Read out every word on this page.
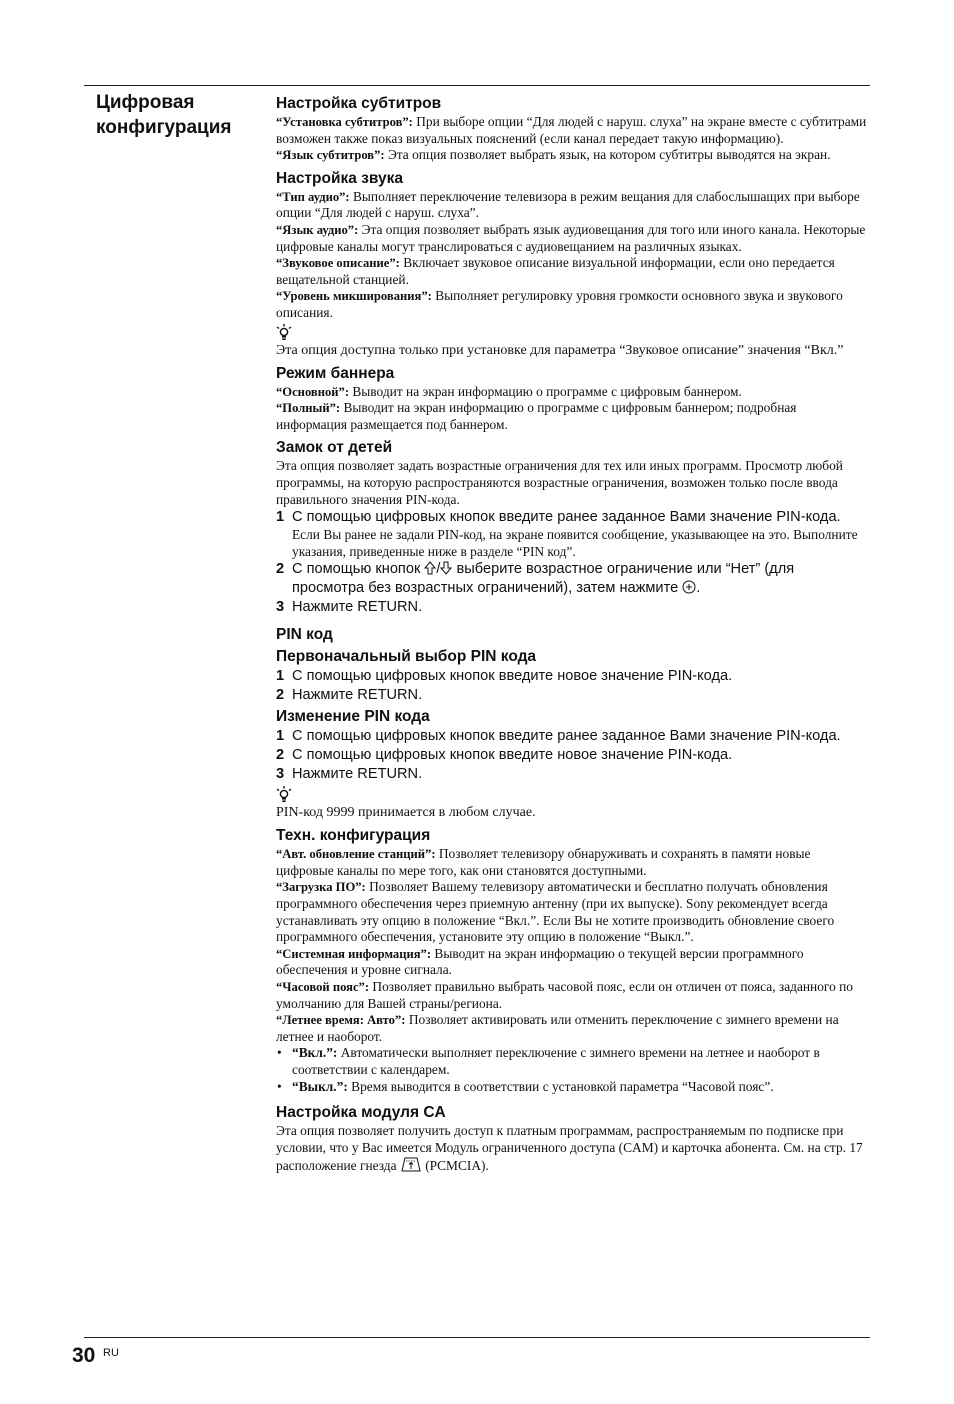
Цифровая
конфигурация
Настройка субтитров

“Установка субтитров”: При выборе опции “Для людей с наруш. слуха” на экране вместе с субтитрами возможен также показ визуальных пояснений (если канал передает такую информацию).

“Язык субтитров”: Эта опция позволяет выбрать язык, на котором субтитры выводятся на экран.

Настройка звука

“Тип аудио”: Выполняет переключение телевизора в режим вещания для слабослышащих при выборе опции “Для людей с наруш. слуха”.

“Язык аудио”: Эта опция позволяет выбрать язык аудиовещания для того или иного канала. Некоторые цифровые каналы могут транслироваться с аудиовещанием на различных языках.

“Звуковое описание”: Включает звуковое описание визуальной информации, если оно передается вещательной станцией.

“Уровень микширования”: Выполняет регулировку уровня громкости основного звука и звукового описания.

Эта опция доступна только при установке для параметра “Звуковое описание” значения “Вкл.”

Режим баннера

“Основной”: Выводит на экран информацию о программе с цифровым баннером.

“Полный”: Выводит на экран информацию о программе с цифровым баннером; подробная информация размещается под баннером.

Замок от детей

Эта опция позволяет задать возрастные ограничения для тех или иных программ. Просмотр любой программы, на которую распространяются возрастные ограничения, возможен только после ввода правильного значения PIN-кода.

1 С помощью цифровых кнопок введите ранее заданное Вами значение PIN-кода.
Если Вы ранее не задали PIN-код, на экране появится сообщение, указывающее на это. Выполните указания, приведенные ниже в разделе “PIN код”.
2 С помощью кнопок / выберите возрастное ограничение или “Нет” (для просмотра без возрастных ограничений), затем нажмите .
3 Нажмите RETURN.
PIN код
Первоначальный выбор PIN кода
1 С помощью цифровых кнопок введите новое значение PIN-кода.
2 Нажмите RETURN.
Изменение PIN кода
1 С помощью цифровых кнопок введите ранее заданное Вами значение PIN-кода.
2 С помощью цифровых кнопок введите новое значение PIN-кода.
3 Нажмите RETURN.

PIN-код 9999 принимается в любом случае.

Техн. конфигурация

“Авт. обновление станций”: Позволяет телевизору обнаруживать и сохранять в памяти новые цифровые каналы по мере того, как они становятся доступными.

“Загрузка ПО”: Позволяет Вашему телевизору автоматически и бесплатно получать обновления программного обеспечения через приемную антенну (при их выпуске). Sony рекомендует всегда устанавливать эту опцию в положение “Вкл.”. Если Вы не хотите производить обновление своего программного обеспечения, установите эту опцию в положение “Выкл.”.

“Системная информация”: Выводит на экран информацию о текущей версии программного обеспечения и уровне сигнала.

“Часовой пояс”: Позволяет правильно выбрать часовой пояс, если он отличен от пояса, заданного по умолчанию для Вашей страны/региона.

“Летнее время: Авто”: Позволяет активировать или отменить переключение с зимнего времени на летнее и наоборот.

• “Вкл.”: Автоматически выполняет переключение с зимнего времени на летнее и наоборот в соответствии с календарем.
• “Выкл.”: Время выводится в соответствии с установкой параметра “Часовой пояс”.
Настройка модуля CA

Эта опция позволяет получить доступ к платным программам, распространяемым по подписке при условии, что у Вас имеется Модуль ограниченного доступа (CAM) и карточка абонента. См. на стр. 17 расположение гнезда  (PCMCIA).

30 RU
